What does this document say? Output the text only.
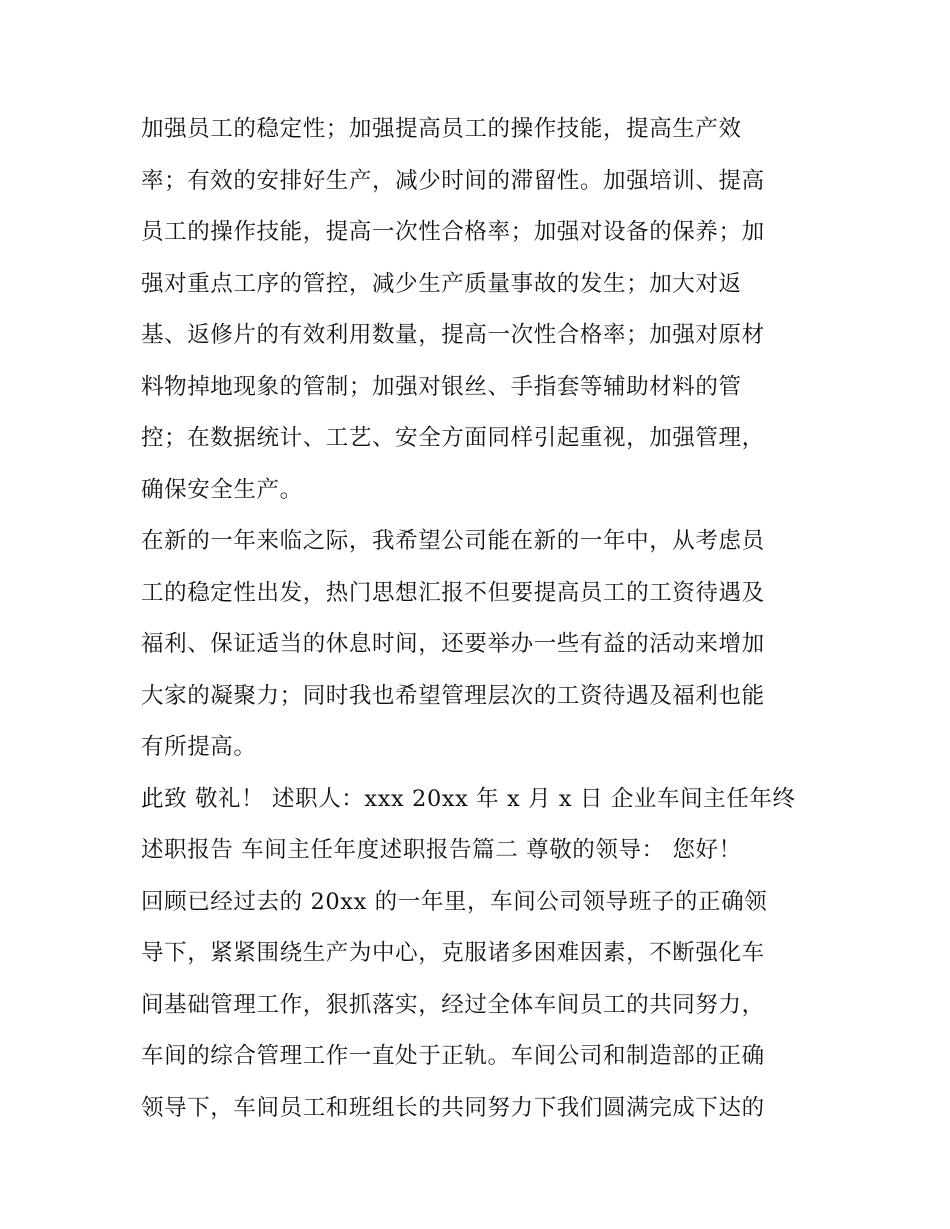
加强员工的稳定性；加强提高员工的操作技能，提高生产效
率；有效的安排好生产，减少时间的滞留性。加强培训、提高
员工的操作技能，提高一次性合格率；加强对设备的保养；加
强对重点工序的管控，减少生产质量事故的发生；加大对返
基、返修片的有效利用数量，提高一次性合格率；加强对原材
料物掉地现象的管制；加强对银丝、手指套等辅助材料的管
控；在数据统计、工艺、安全方面同样引起重视，加强管理，
确保安全生产。
在新的一年来临之际，我希望公司能在新的一年中，从考虑员
工的稳定性出发，热门思想汇报不但要提高员工的工资待遇及
福利、保证适当的休息时间，还要举办一些有益的活动来增加
大家的凝聚力；同时我也希望管理层次的工资待遇及福利也能
有所提高。
此致 敬礼！ 述职人：xxx 20xx 年 x 月 x 日 企业车间主任年终
述职报告 车间主任年度述职报告篇二 尊敬的领导： 您好！
回顾已经过去的 20xx 的一年里，车间公司领导班子的正确领
导下，紧紧围绕生产为中心，克服诸多困难因素，不断强化车
间基础管理工作，狠抓落实，经过全体车间员工的共同努力，
车间的综合管理工作一直处于正轨。车间公司和制造部的正确
领导下，车间员工和班组长的共同努力下我们圆满完成下达的
